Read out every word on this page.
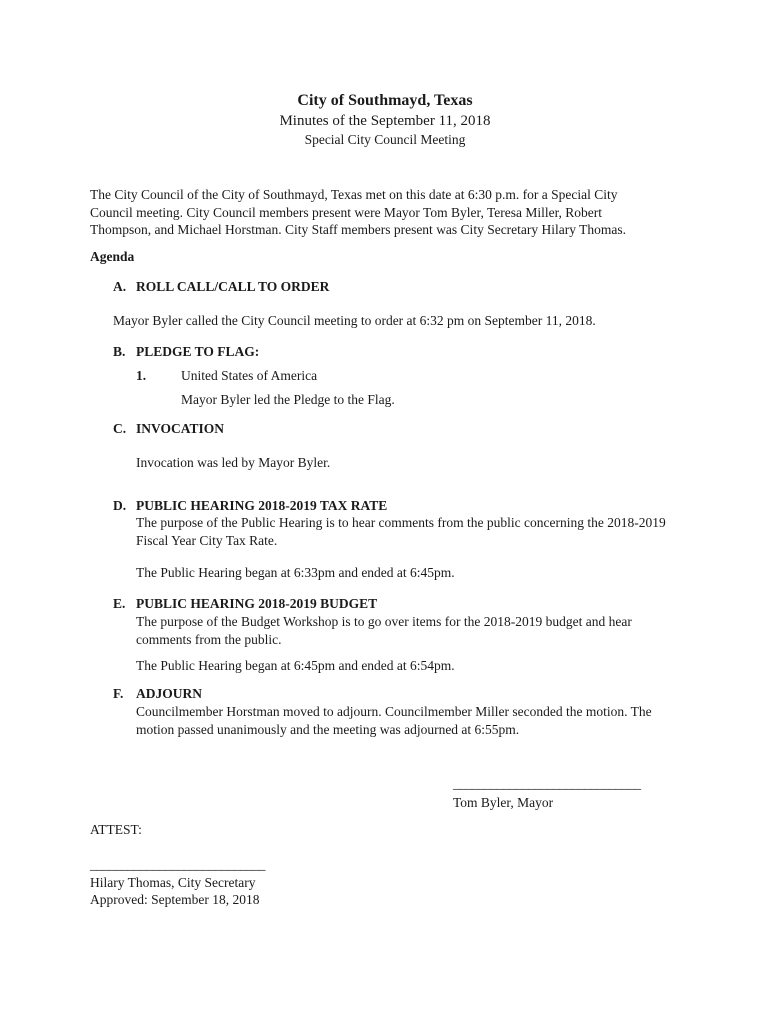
City of Southmayd, Texas

Minutes of the September 11, 2018

Special City Council Meeting

The City Council of the City of Southmayd, Texas met on this date at 6:30 p.m. for a Special City Council meeting. City Council members present were Mayor Tom Byler, Teresa Miller, Robert Thompson, and Michael Horstman. City Staff members present was City Secretary Hilary Thomas.

Agenda

A. ROLL CALL/CALL TO ORDER

Mayor Byler called the City Council meeting to order at 6:32 pm on September 11, 2018.

B. PLEDGE TO FLAG:
1.	United States of America
Mayor Byler led the Pledge to the Flag.
C. INVOCATION

Invocation was led by Mayor Byler.

D. PUBLIC HEARING 2018-2019 TAX RATE

The purpose of the Public Hearing is to hear comments from the public concerning the 2018-2019 Fiscal Year City Tax Rate.

The Public Hearing began at 6:33pm and ended at 6:45pm.

E. PUBLIC HEARING 2018-2019 BUDGET

The purpose of the Budget Workshop is to go over items for the 2018-2019 budget and hear comments from the public.

The Public Hearing began at 6:45pm and ended at 6:54pm.

F. ADJOURN

Councilmember Horstman moved to adjourn. Councilmember Miller seconded the motion. The motion passed unanimously and the meeting was adjourned at 6:55pm.

______________________________
Tom Byler, Mayor
ATTEST:
____________________________
Hilary Thomas, City Secretary
Approved: September 18, 2018
